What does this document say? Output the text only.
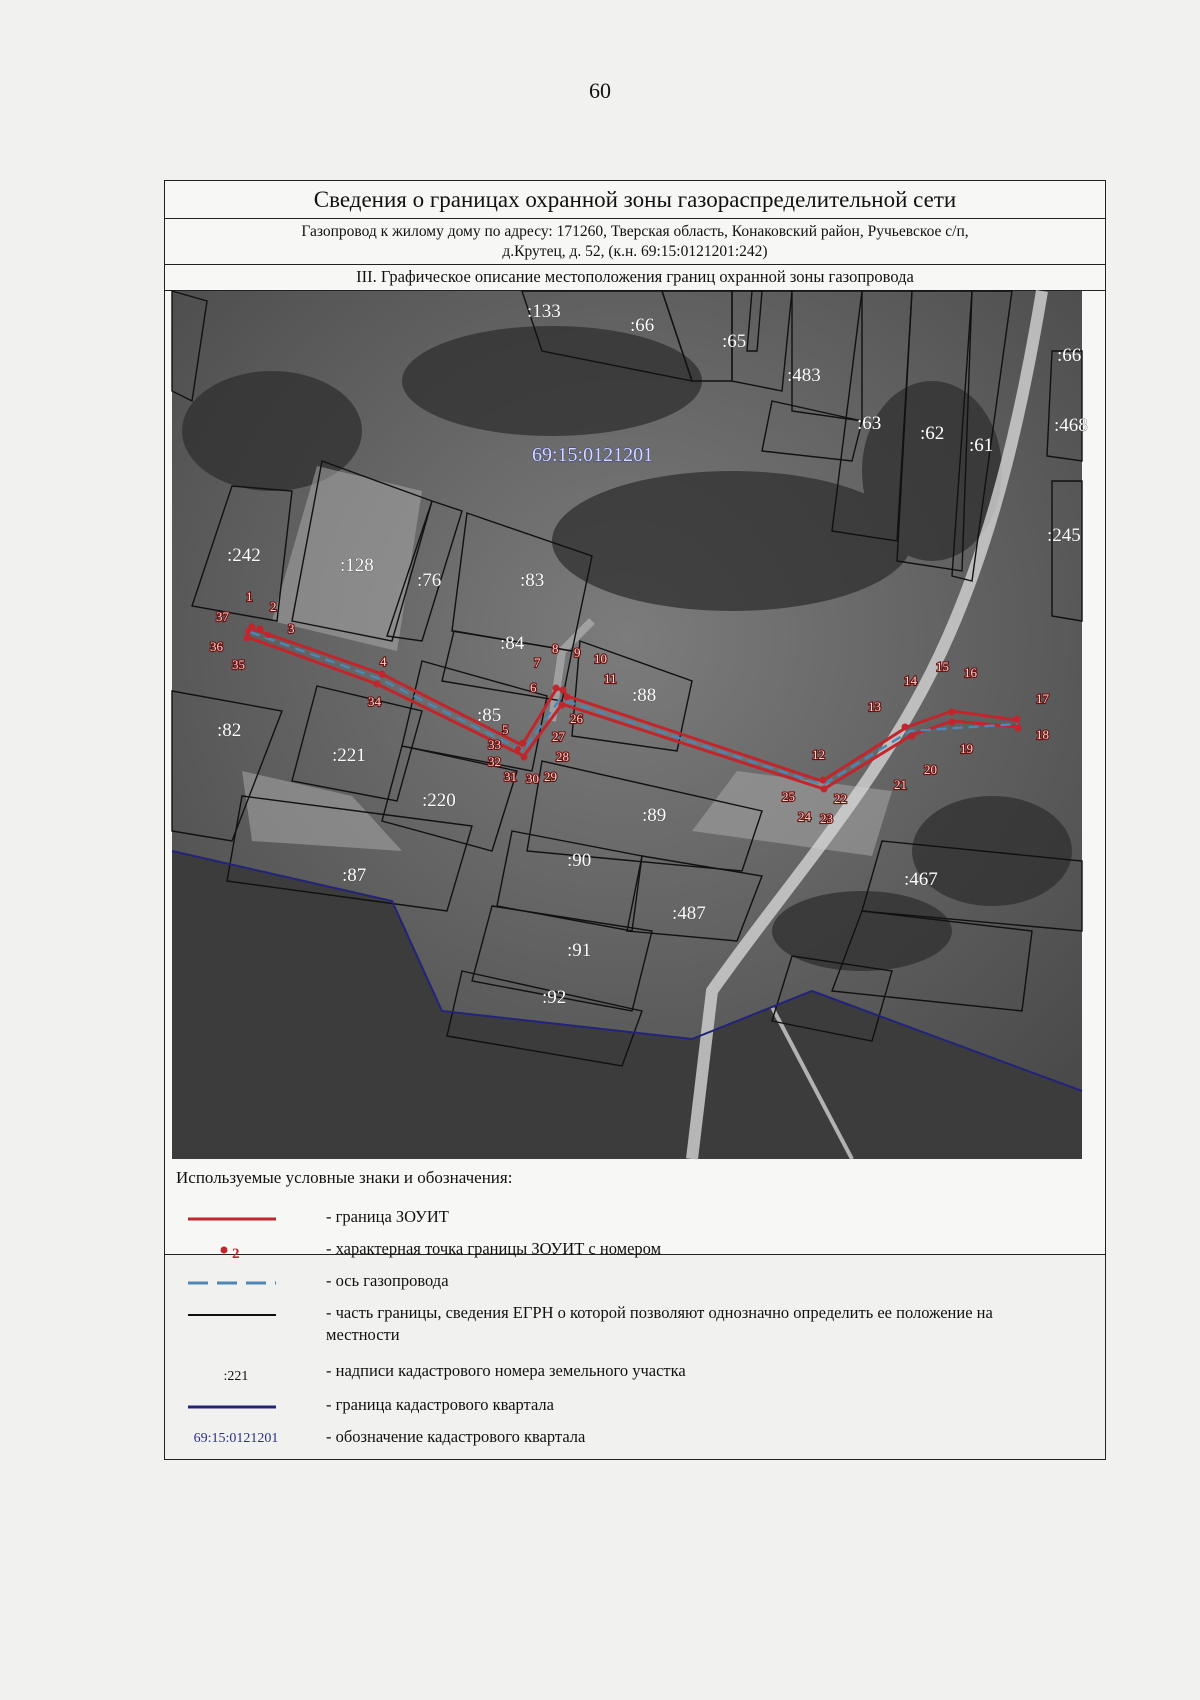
60
Сведения о границах охранной зоны газораспределительной сети
Газопровод к жилому дому по адресу: 171260, Тверская область, Конаковский район, Ручьевское с/п,
д.Крутец, д. 52, (к.н. 69:15:0121201:242)
III. Графическое описание местоположения границ охранной зоны газопровода
69:15:0121201
:133
:66
:65
:483
:63 :62
:61
:468
:66
:245
:242	:128
:76	:83
:84
:85
:88
:82
:221
:220
:89
:90
:87
:487
:91
:92
:467
1
2
3
4
5
6
7
8 9 10
11
12
13
14
15 16
17
18
19
20
21
22
23
24
25
26
27
28
29
30
31
32
33
34
35
36
37
Используемые условные знаки и обозначения:
- граница ЗОУИТ
2	- характерная точка границы ЗОУИТ с номером
- ось газопровода
- часть границы, сведения ЕГРН о которой позволяют однозначно определить ее положение на местности
:221	- надписи кадастрового номера земельного участка
- граница кадастрового квартала
69:15:0121201	- обозначение кадастрового квартала
